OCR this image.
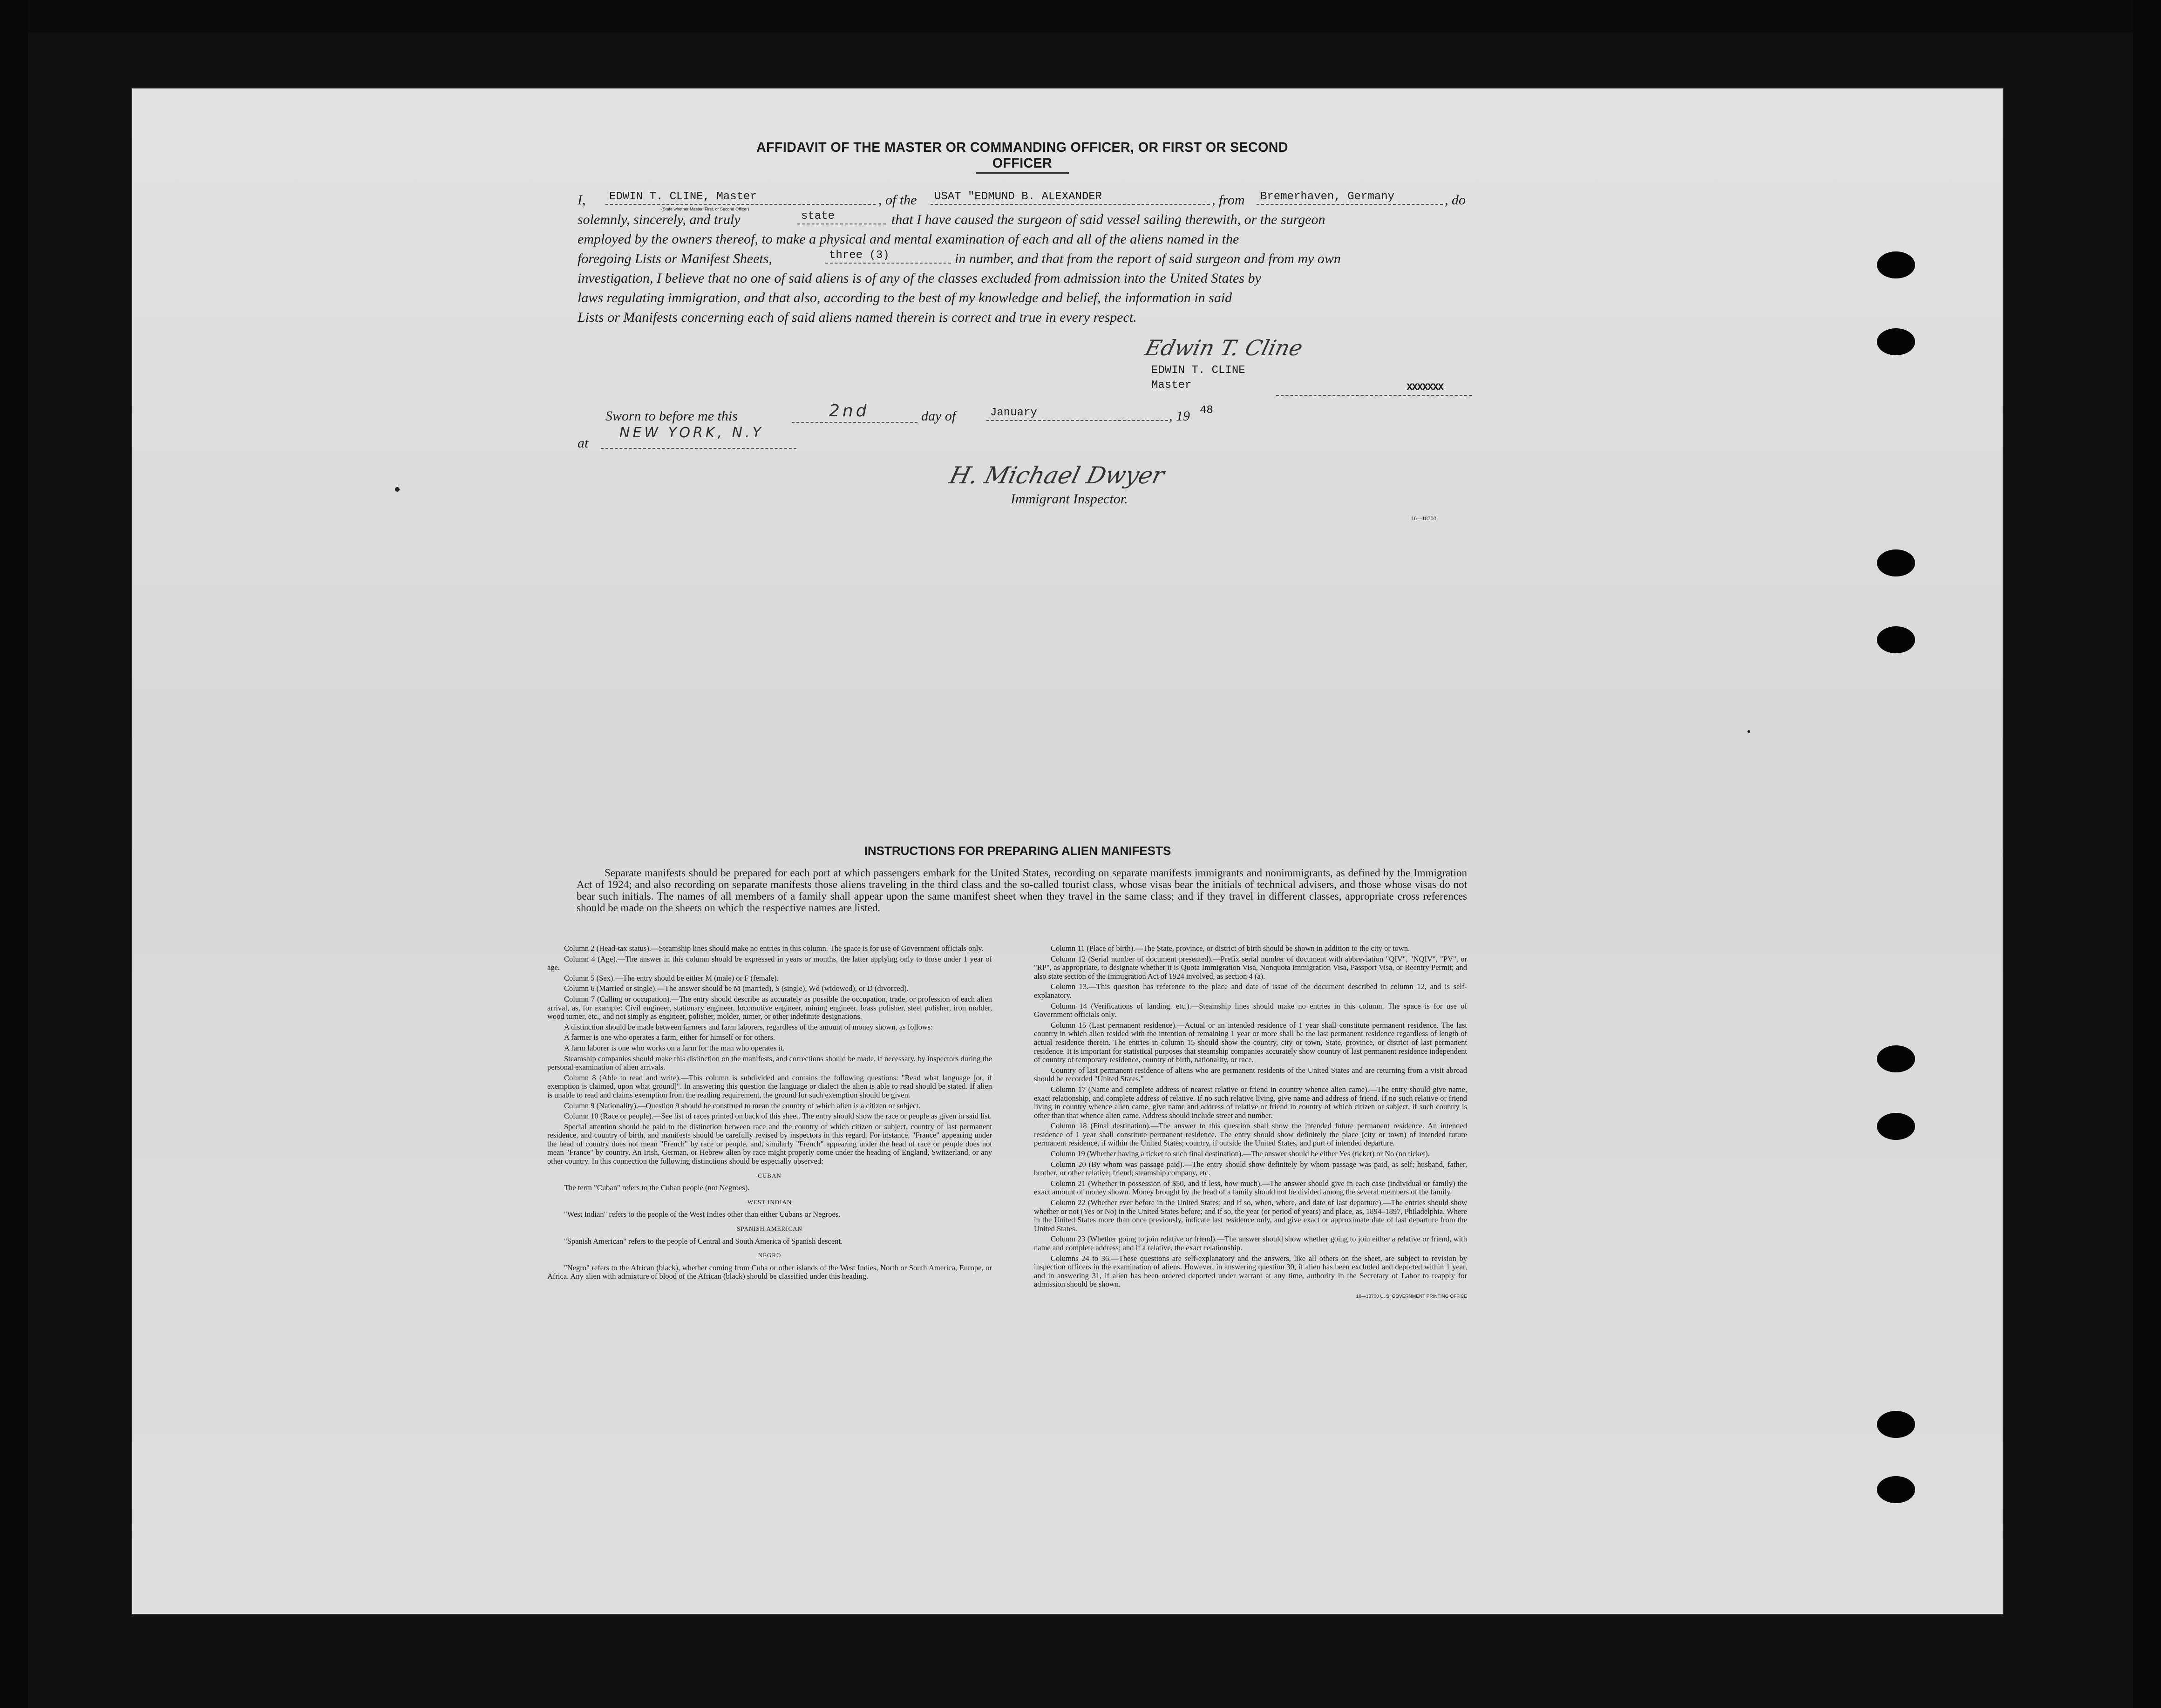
AFFIDAVIT OF THE MASTER OR COMMANDING OFFICER, OR FIRST OR SECOND OFFICER
I,	EDWIN T. CLINE, Master
(State whether Master, First, or Second Officer)
, of the	USAT "EDMUND B. ALEXANDER	, from	Bremerhaven, Germany	, do
solemnly, sincerely, and truly	state	that I have caused the surgeon of said vessel sailing therewith, or the surgeon
employed by the owners thereof, to make a physical and mental examination of each and all of the aliens named in the
foregoing Lists or Manifest Sheets,	three (3)	in number, and that from the report of said surgeon and from my own
investigation, I believe that no one of said aliens is of any of the classes excluded from admission into the United States by
laws regulating immigration, and that also, according to the best of my knowledge and belief, the information in said
Lists or Manifests concerning each of said aliens named therein is correct and true in every respect.
Edwin T. Cline
EDWIN T. CLINE
Master	XXXXXXX
Sworn to before me this	2nd	day of	January	, 19 48
at
NEW YORK, N.Y
H. Michael Dwyer
Immigrant Inspector.
16—18700
INSTRUCTIONS FOR PREPARING ALIEN MANIFESTS
Separate manifests should be prepared for each port at which passengers embark for the United States, recording on separate manifests immigrants and nonimmigrants, as defined by the Immigration Act of 1924; and also recording on separate manifests those aliens traveling in the third class and the so-called tourist class, whose visas bear the initials of technical advisers, and those whose visas do not bear such initials. The names of all members of a family shall appear upon the same manifest sheet when they travel in the same class; and if they travel in different classes, appropriate cross references should be made on the sheets on which the respective names are listed.

Column 2 (Head-tax status).—Steamship lines should make no entries in this column. The space is for use of Government officials only.

Column 4 (Age).—The answer in this column should be expressed in years or months, the latter applying only to those under 1 year of age.

Column 5 (Sex).—The entry should be either M (male) or F (female).

Column 6 (Married or single).—The answer should be M (married), S (single), Wd (widowed), or D (divorced).

Column 7 (Calling or occupation).—The entry should describe as accurately as possible the occupation, trade, or profession of each alien arrival, as, for example: Civil engineer, stationary engineer, locomotive engineer, mining engineer, brass polisher, steel polisher, iron molder, wood turner, etc., and not simply as engineer, polisher, molder, turner, or other indefinite designations.

A distinction should be made between farmers and farm laborers, regardless of the amount of money shown, as follows:

A farmer is one who operates a farm, either for himself or for others.

A farm laborer is one who works on a farm for the man who operates it.

Steamship companies should make this distinction on the manifests, and corrections should be made, if necessary, by inspectors during the personal examination of alien arrivals.

Column 8 (Able to read and write).—This column is subdivided and contains the following questions: "Read what language [or, if exemption is claimed, upon what ground]". In answering this question the language or dialect the alien is able to read should be stated. If alien is unable to read and claims exemption from the reading requirement, the ground for such exemption should be given.

Column 9 (Nationality).—Question 9 should be construed to mean the country of which alien is a citizen or subject.

Column 10 (Race or people).—See list of races printed on back of this sheet. The entry should show the race or people as given in said list.

Special attention should be paid to the distinction between race and the country of which citizen or subject, country of last permanent residence, and country of birth, and manifests should be carefully revised by inspectors in this regard. For instance, "France" appearing under the head of country does not mean "French" by race or people, and, similarly "French" appearing under the head of race or people does not mean "France" by country. An Irish, German, or Hebrew alien by race might properly come under the heading of England, Switzerland, or any other country. In this connection the following distinctions should be especially observed:

CUBAN

The term "Cuban" refers to the Cuban people (not Negroes).

WEST INDIAN

"West Indian" refers to the people of the West Indies other than either Cubans or Negroes.

SPANISH AMERICAN

"Spanish American" refers to the people of Central and South America of Spanish descent.

NEGRO

"Negro" refers to the African (black), whether coming from Cuba or other islands of the West Indies, North or South America, Europe, or Africa. Any alien with admixture of blood of the African (black) should be classified under this heading.

Column 11 (Place of birth).—The State, province, or district of birth should be shown in addition to the city or town.

Column 12 (Serial number of document presented).—Prefix serial number of document with abbreviation "QIV", "NQIV", "PV", or "RP", as appropriate, to designate whether it is Quota Immigration Visa, Nonquota Immigration Visa, Passport Visa, or Reentry Permit; and also state section of the Immigration Act of 1924 involved, as section 4 (a).

Column 13.—This question has reference to the place and date of issue of the document described in column 12, and is self-explanatory.

Column 14 (Verifications of landing, etc.).—Steamship lines should make no entries in this column. The space is for use of Government officials only.

Column 15 (Last permanent residence).—Actual or an intended residence of 1 year shall constitute permanent residence. The last country in which alien resided with the intention of remaining 1 year or more shall be the last permanent residence regardless of length of actual residence therein. The entries in column 15 should show the country, city or town, State, province, or district of last permanent residence. It is important for statistical purposes that steamship companies accurately show country of last permanent residence independent of country of temporary residence, country of birth, nationality, or race.

Country of last permanent residence of aliens who are permanent residents of the United States and are returning from a visit abroad should be recorded "United States."

Column 17 (Name and complete address of nearest relative or friend in country whence alien came).—The entry should give name, exact relationship, and complete address of relative. If no such relative living, give name and address of friend. If no such relative or friend living in country whence alien came, give name and address of relative or friend in country of which citizen or subject, if such country is other than that whence alien came. Address should include street and number.

Column 18 (Final destination).—The answer to this question shall show the intended future permanent residence. An intended residence of 1 year shall constitute permanent residence. The entry should show definitely the place (city or town) of intended future permanent residence, if within the United States; country, if outside the United States, and port of intended departure.

Column 19 (Whether having a ticket to such final destination).—The answer should be either Yes (ticket) or No (no ticket).

Column 20 (By whom was passage paid).—The entry should show definitely by whom passage was paid, as self; husband, father, brother, or other relative; friend; steamship company, etc.

Column 21 (Whether in possession of $50, and if less, how much).—The answer should give in each case (individual or family) the exact amount of money shown. Money brought by the head of a family should not be divided among the several members of the family.

Column 22 (Whether ever before in the United States; and if so, when, where, and date of last departure).—The entries should show whether or not (Yes or No) in the United States before; and if so, the year (or period of years) and place, as, 1894–1897, Philadelphia. Where in the United States more than once previously, indicate last residence only, and give exact or approximate date of last departure from the United States.

Column 23 (Whether going to join relative or friend).—The answer should show whether going to join either a relative or friend, with name and complete address; and if a relative, the exact relationship.

Columns 24 to 36.—These questions are self-explanatory and the answers, like all others on the sheet, are subject to revision by inspection officers in the examination of aliens. However, in answering question 30, if alien has been excluded and deported within 1 year, and in answering 31, if alien has been ordered deported under warrant at any time, authority in the Secretary of Labor to reapply for admission should be shown.

16—18700 U. S. GOVERNMENT PRINTING OFFICE
